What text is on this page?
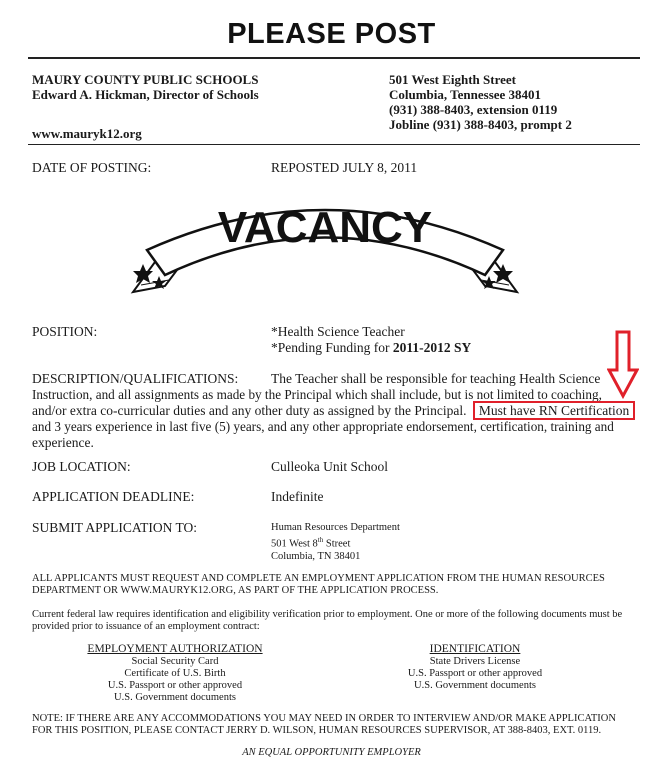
PLEASE POST
MAURY COUNTY PUBLIC SCHOOLS
Edward A. Hickman, Director of Schools
501 West Eighth Street
Columbia, Tennessee 38401
(931) 388-8403, extension 0119
Jobline (931) 388-8403, prompt 2
www.mauryk12.org
DATE OF POSTING:	REPOSTED JULY 8, 2011
VACANCY
POSITION:	*Health Science Teacher
*Pending Funding for 2011-2012 SY
DESCRIPTION/QUALIFICATIONS: The Teacher shall be responsible for teaching Health Science
Instruction, and all assignments as made by the Principal which shall include, but is not limited to coaching,
and/or extra co-curricular duties and any other duty as assigned by the Principal. Must have RN Certification
and 3 years experience in last five (5) years, and any other appropriate endorsement, certification, training and
experience.
JOB LOCATION:	Culleoka Unit School
APPLICATION DEADLINE:	Indefinite
SUBMIT APPLICATION TO:	Human Resources Department
501 West 8th Street
Columbia, TN 38401
ALL APPLICANTS MUST REQUEST AND COMPLETE AN EMPLOYMENT APPLICATION FROM THE HUMAN RESOURCES DEPARTMENT OR WWW.MAURYK12.ORG, AS PART OF THE APPLICATION PROCESS.
Current federal law requires identification and eligibility verification prior to employment. One or more of the following documents must be provided prior to issuance of an employment contract:
EMPLOYMENT AUTHORIZATION
Social Security Card
Certificate of U.S. Birth
U.S. Passport or other approved
U.S. Government documents
IDENTIFICATION
State Drivers License
U.S. Passport or other approved
U.S. Government documents
NOTE: IF THERE ARE ANY ACCOMMODATIONS YOU MAY NEED IN ORDER TO INTERVIEW AND/OR MAKE APPLICATION FOR THIS POSITION, PLEASE CONTACT JERRY D. WILSON, HUMAN RESOURCES SUPERVISOR, AT 388-8403, EXT. 0119.
AN EQUAL OPPORTUNITY EMPLOYER
